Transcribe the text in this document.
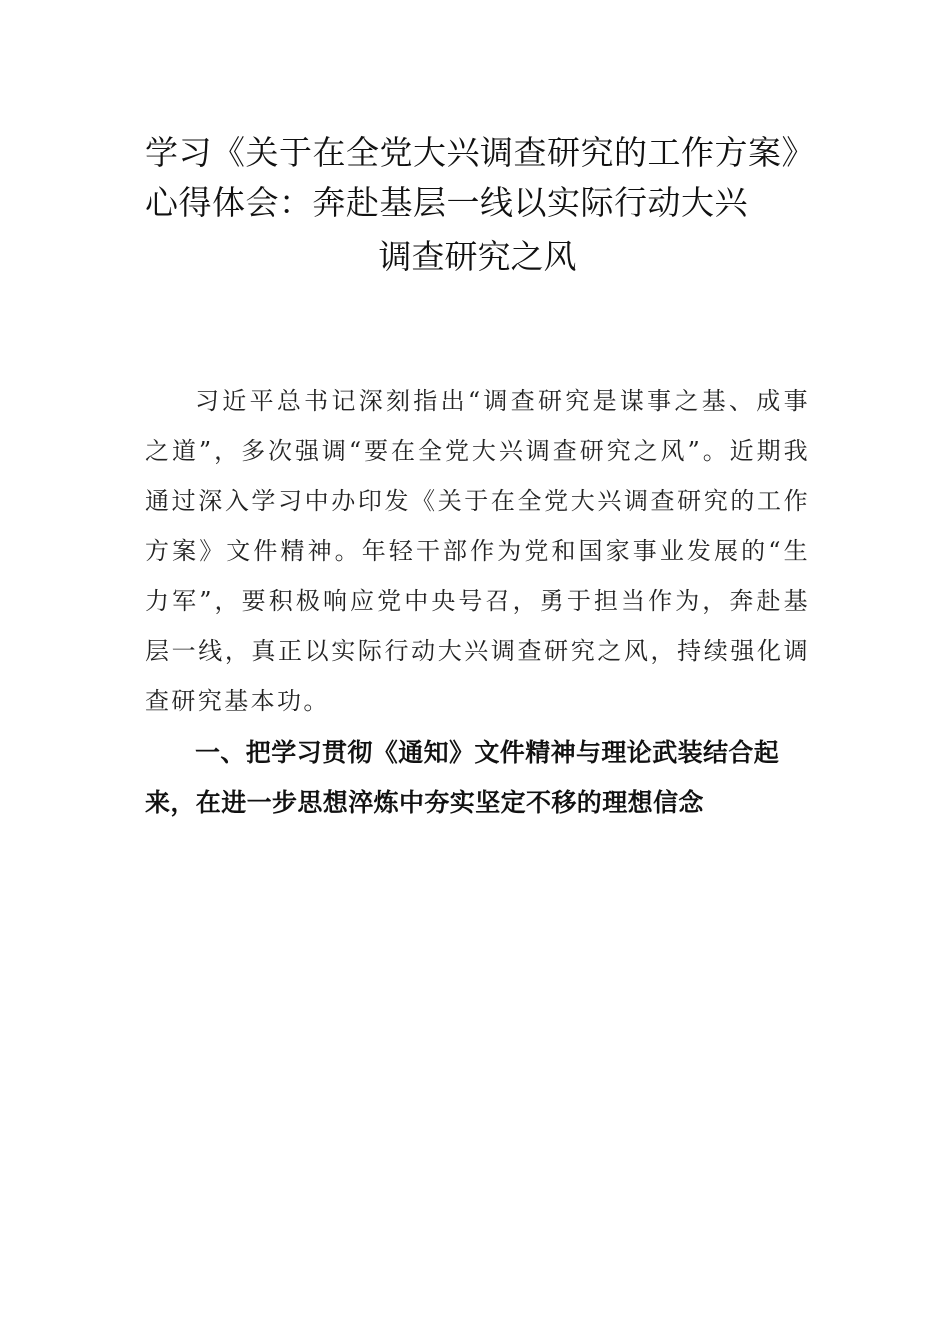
学习《关于在全党大兴调查研究的工作方案》心得体会：奔赴基层一线以实际行动大兴
调查研究之风

习近平总书记深刻指出“调查研究是谋事之基、成事之道”，多次强调“要在全党大兴调查研究之风”。近期我通过深入学习中办印发《关于在全党大兴调查研究的工作方案》文件精神。年轻干部作为党和国家事业发展的“生力军”，要积极响应党中央号召，勇于担当作为，奔赴基层一线，真正以实际行动大兴调查研究之风，持续强化调查研究基本功。

一、把学习贯彻《通知》文件精神与理论武装结合起来，在进一步思想淬炼中夯实坚定不移的理想信念
